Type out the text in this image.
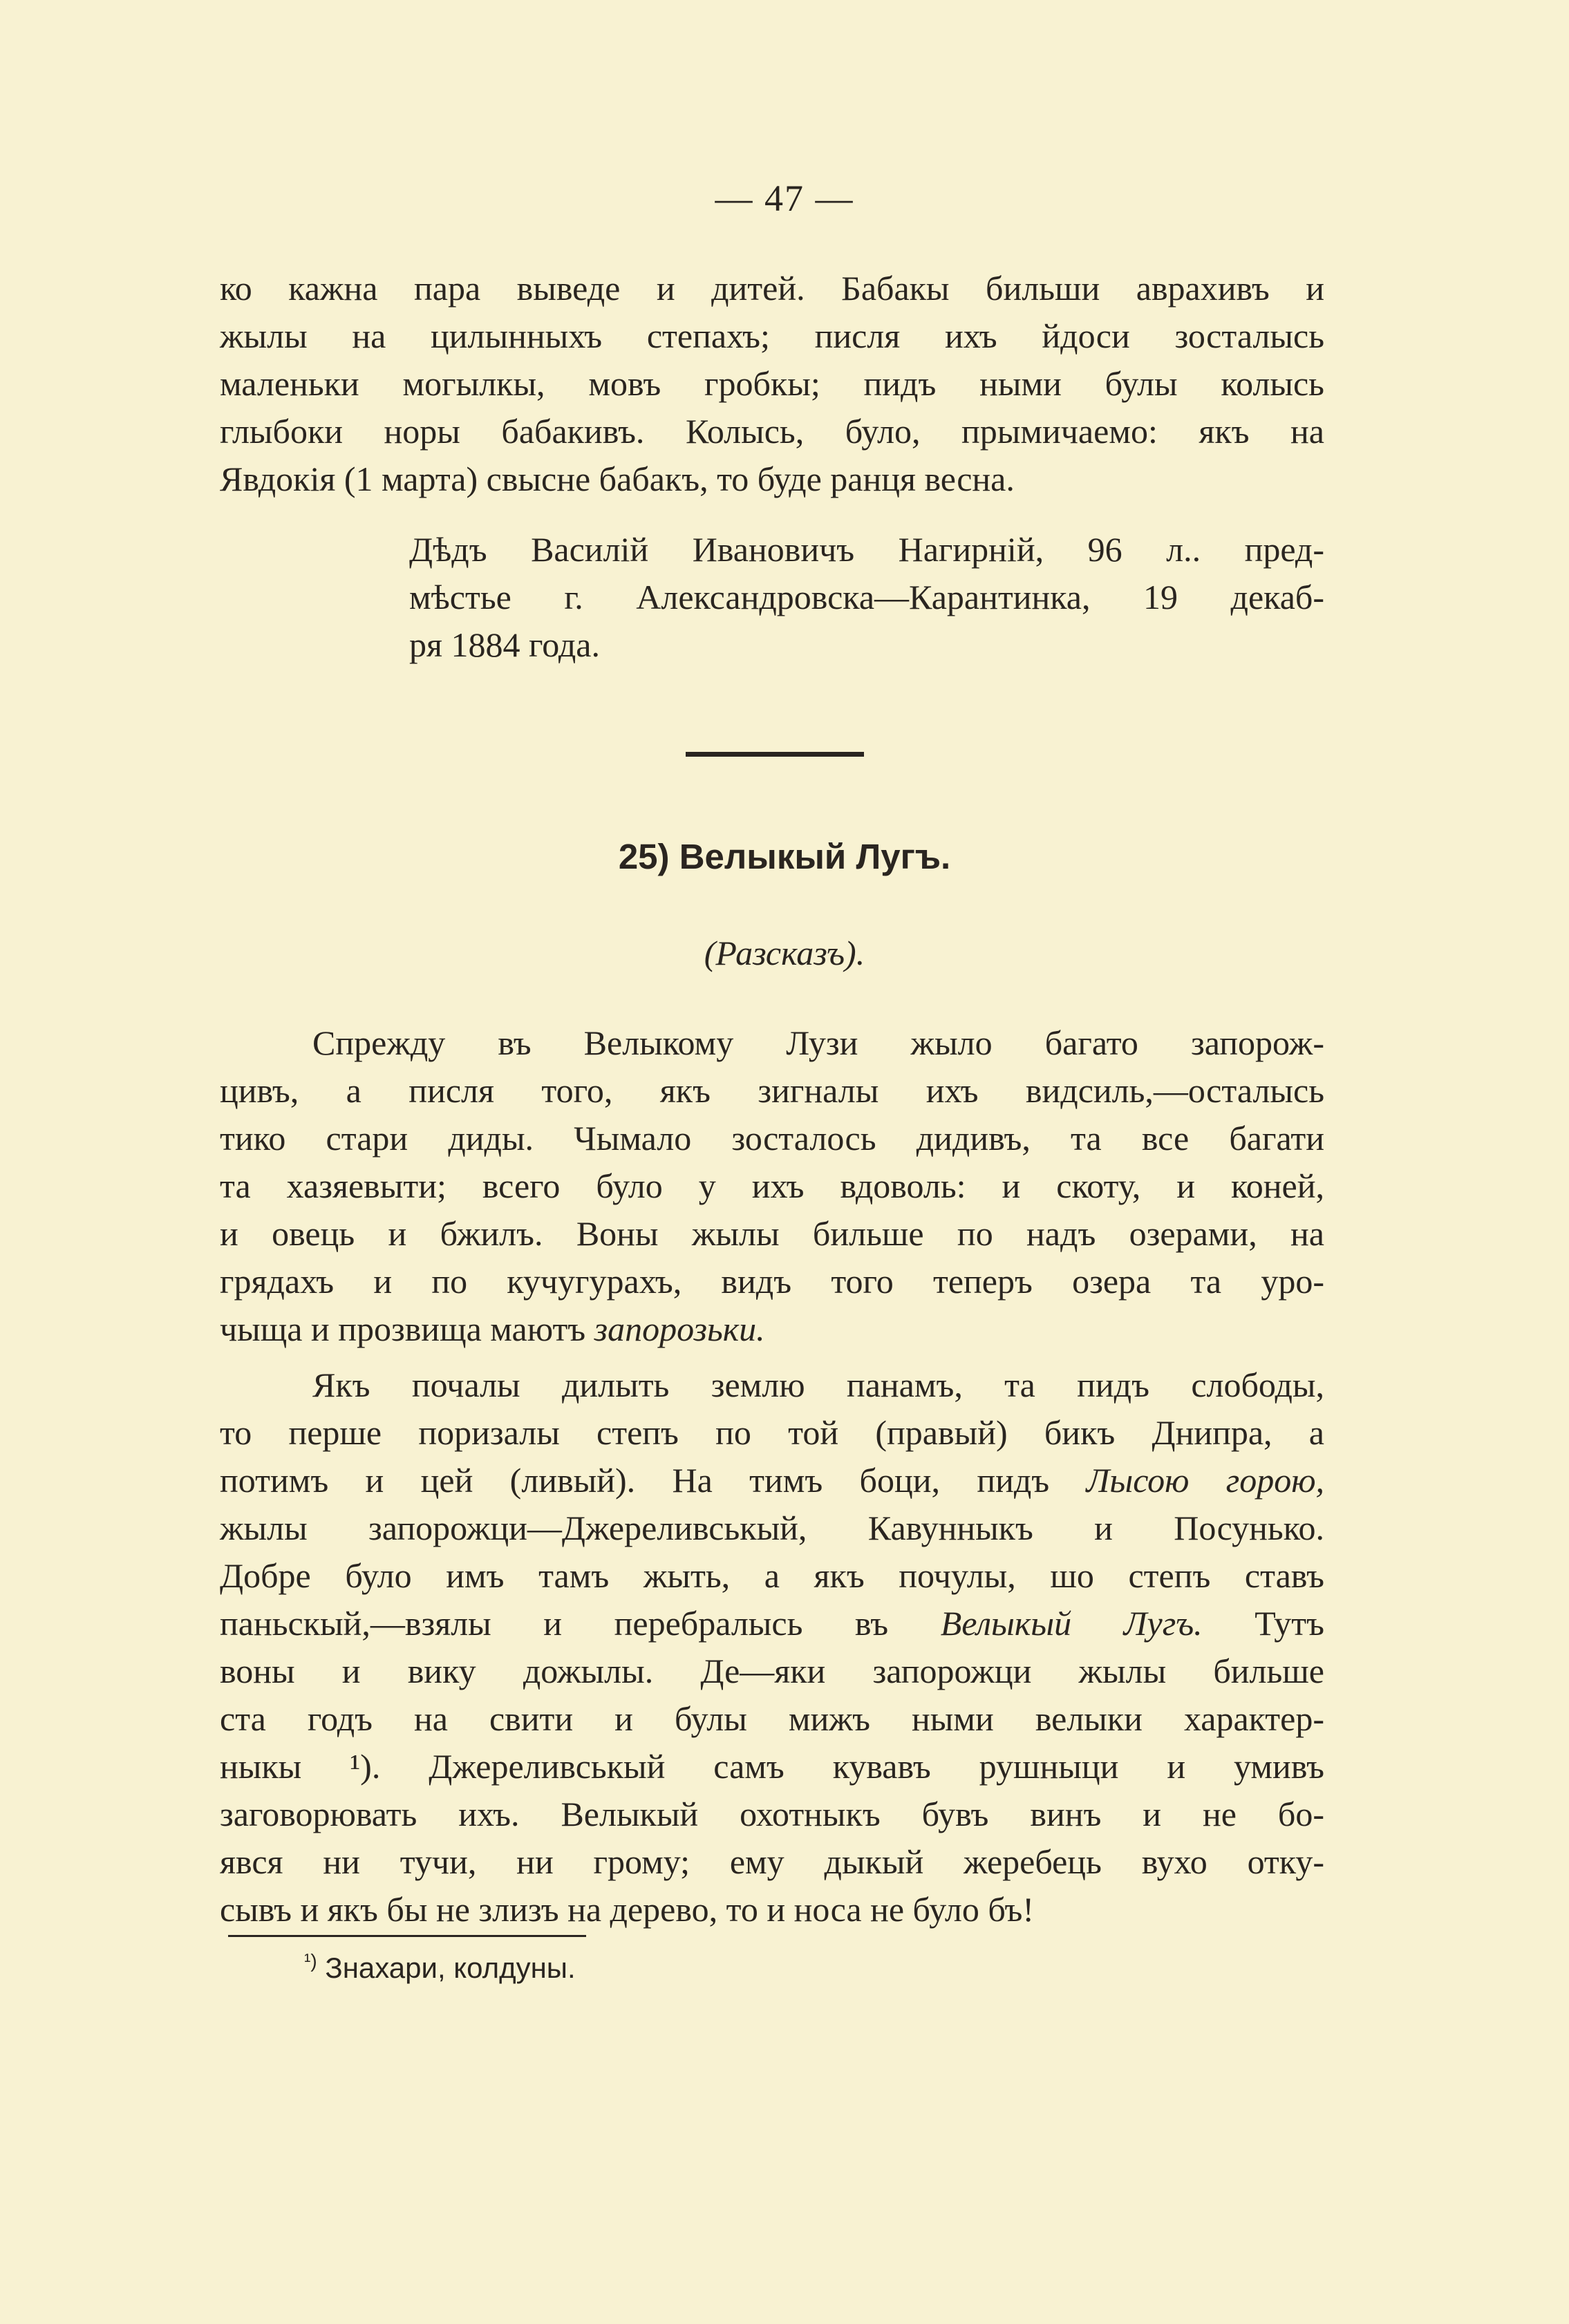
— 47 —
ко кажна пара выведе и дитей. Бабакы бильши аврахивъ и
жылы на цилынныхъ степахъ; писля ихъ йдоси зосталысь
маленьки могылкы, мовъ гробкы; пидъ ными булы колысь
глыбоки норы бабакивъ. Колысь, було, прымичаемо: якъ на
Явдокія (1 марта) свысне бабакъ, то буде ранця весна.
Дѣдъ Василій Ивановичъ Нагирній, 96 л.. пред-
мѣстье г. Александровска—Карантинка, 19 декаб-
ря 1884 года.
25) Велыкый Лугъ.
(Разсказъ).
Спрежду въ Велыкому Лузи жыло багато запорож-
цивъ, а писля того, якъ зигналы ихъ видсиль,—осталысь
тико стари диды. Чымало зосталось дидивъ, та все багати
та хазяевыти; всего було у ихъ вдоволь: и скоту, и коней,
и овець и бжилъ. Воны жылы бильше по надъ озерами, на
грядахъ и по кучугурахъ, видъ того теперъ озера та уро-
чыща и прозвища маютъ запорозьки.
Якъ почалы дилыть землю панамъ, та пидъ слободы,
то перше поризалы степъ по той (правый) бикъ Днипра, а
потимъ и цей (ливый). На тимъ боци, пидъ Лысою горою,
жылы запорожци—Джереливськый, Кавунныкъ и Посунько.
Добре було имъ тамъ жыть, а якъ почулы, шо степъ ставъ
паньскый,—взялы и перебралысь въ Велыкый Лугъ. Тутъ
воны и вику дожылы. Де—яки запорожци жылы бильше
ста годъ на свити и булы мижъ ными велыки характер-
ныкы ¹). Джереливськый самъ кувавъ рушныци и умивъ
заговорювать ихъ. Велыкый охотныкъ бувъ винъ и не бо-
явся ни тучи, ни грому; ему дыкый жеребець вухо отку-
сывъ и якъ бы не злизъ на дерево, то и носа не було бъ!
$^{^1)}$ Знахари, колдуны.
